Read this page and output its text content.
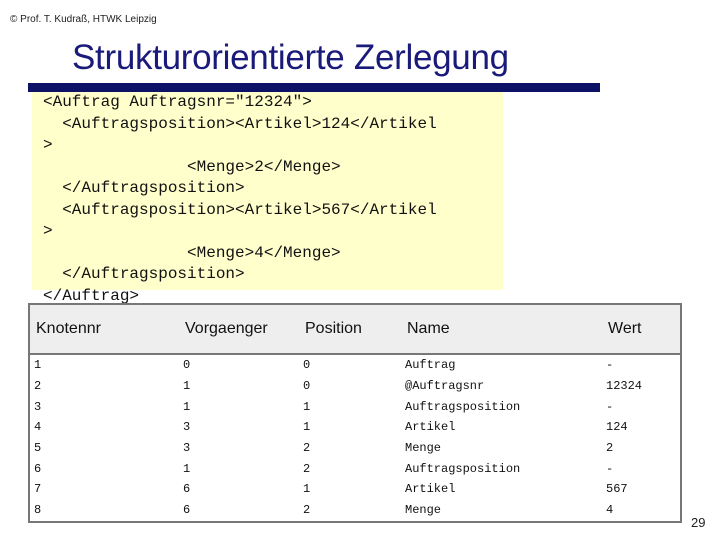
© Prof. T. Kudraß, HTWK Leipzig
Strukturorientierte Zerlegung
<Auftrag Auftragsnr="12324">
<Auftragsposition><Artikel>124</Artikel
>
<Menge>2</Menge>
</Auftragsposition>
<Auftragsposition><Artikel>567</Artikel
>
<Menge>4</Menge>
</Auftragsposition>
</Auftrag>
Knotennr	Vorgaenger	Position	Name	Wert
1	0	0	Auftrag	-
2	1	0	@Auftragsnr	12324
3	1	1	Auftragsposition	-
4	3	1	Artikel	124
5	3	2	Menge	2
6	1	2	Auftragsposition	-
7	6	1	Artikel	567
8	6	2	Menge	4
29
